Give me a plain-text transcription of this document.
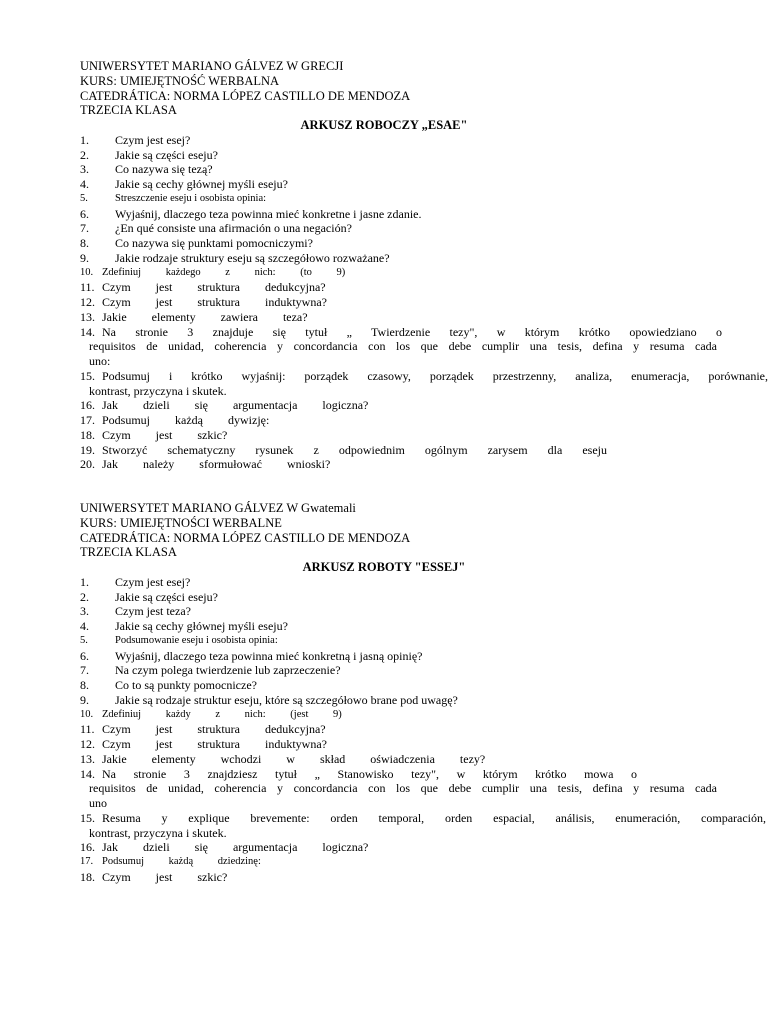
UNIWERSYTET MARIANO GÁLVEZ W GRECJI
KURS: UMIEJĘTNOŚĆ WERBALNA
CATEDRÁTICA: NORMA LÓPEZ CASTILLO DE MENDOZA
TRZECIA KLASA
ARKUSZ ROBOCZY „ESAE"
1. Czym jest esej?
2. Jakie są części eseju?
3. Co nazywa się tezą?
4. Jakie są cechy głównej myśli eseju?
5.	Streszczenie eseju i osobista opinia:
6. Wyjaśnij, dlaczego teza powinna mieć konkretne i jasne zdanie.
7. ¿En qué consiste una afirmación o una negación?
8. Co nazywa się punktami pomocniczymi?
9. Jakie rodzaje struktury eseju są szczegółowo rozważane?
10. Zdefiniuj każdego z nich: (to 9)
11. Czym jest struktura dedukcyjna?
12. Czym jest struktura induktywna?
13. Jakie elementy zawiera teza?
14. Na stronie 3 znajduje się tytuł „ Twierdzenie tezy", w którym krótko opowiedziano o
requisitos de unidad, coherencia y concordancia con los que debe cumplir una tesis, defina y resuma cada
uno:
15. Podsumuj i krótko wyjaśnij: porządek czasowy, porządek przestrzenny, analiza, enumeracja, porównanie,
kontrast, przyczyna i skutek.
16. Jak dzieli się argumentacja logiczna?
17. Podsumuj każdą dywizję:
18. Czym jest szkic?
19. Stworzyć schematyczny rysunek z odpowiednim ogólnym zarysem dla eseju
20. Jak należy sformułować wnioski?
UNIWERSYTET MARIANO GÁLVEZ W Gwatemali
KURS: UMIEJĘTNOŚCI WERBALNE
CATEDRÁTICA: NORMA LÓPEZ CASTILLO DE MENDOZA
TRZECIA KLASA
ARKUSZ ROBOTY "ESSEJ"
1. Czym jest esej?
2. Jakie są części eseju?
3. Czym jest teza?
4. Jakie są cechy głównej myśli eseju?
5.	Podsumowanie eseju i osobista opinia:
6. Wyjaśnij, dlaczego teza powinna mieć konkretną i jasną opinię?
7. Na czym polega twierdzenie lub zaprzeczenie?
8. Co to są punkty pomocnicze?
9. Jakie są rodzaje struktur eseju, które są szczegółowo brane pod uwagę?
10. Zdefiniuj każdy z nich: (jest 9)
11. Czym jest struktura dedukcyjna?
12. Czym jest struktura induktywna?
13. Jakie elementy wchodzi w skład oświadczenia tezy?
14. Na stronie 3 znajdziesz tytuł „ Stanowisko tezy", w którym krótko mowa o
requisitos de unidad, coherencia y concordancia con los que debe cumplir una tesis, defina y resuma cada
uno
15. Resuma y explique brevemente: orden temporal, orden espacial, análisis, enumeración, comparación,
kontrast, przyczyna i skutek.
16. Jak dzieli się argumentacja logiczna?
17. Podsumuj każdą dziedzinę:
18. Czym jest szkic?
